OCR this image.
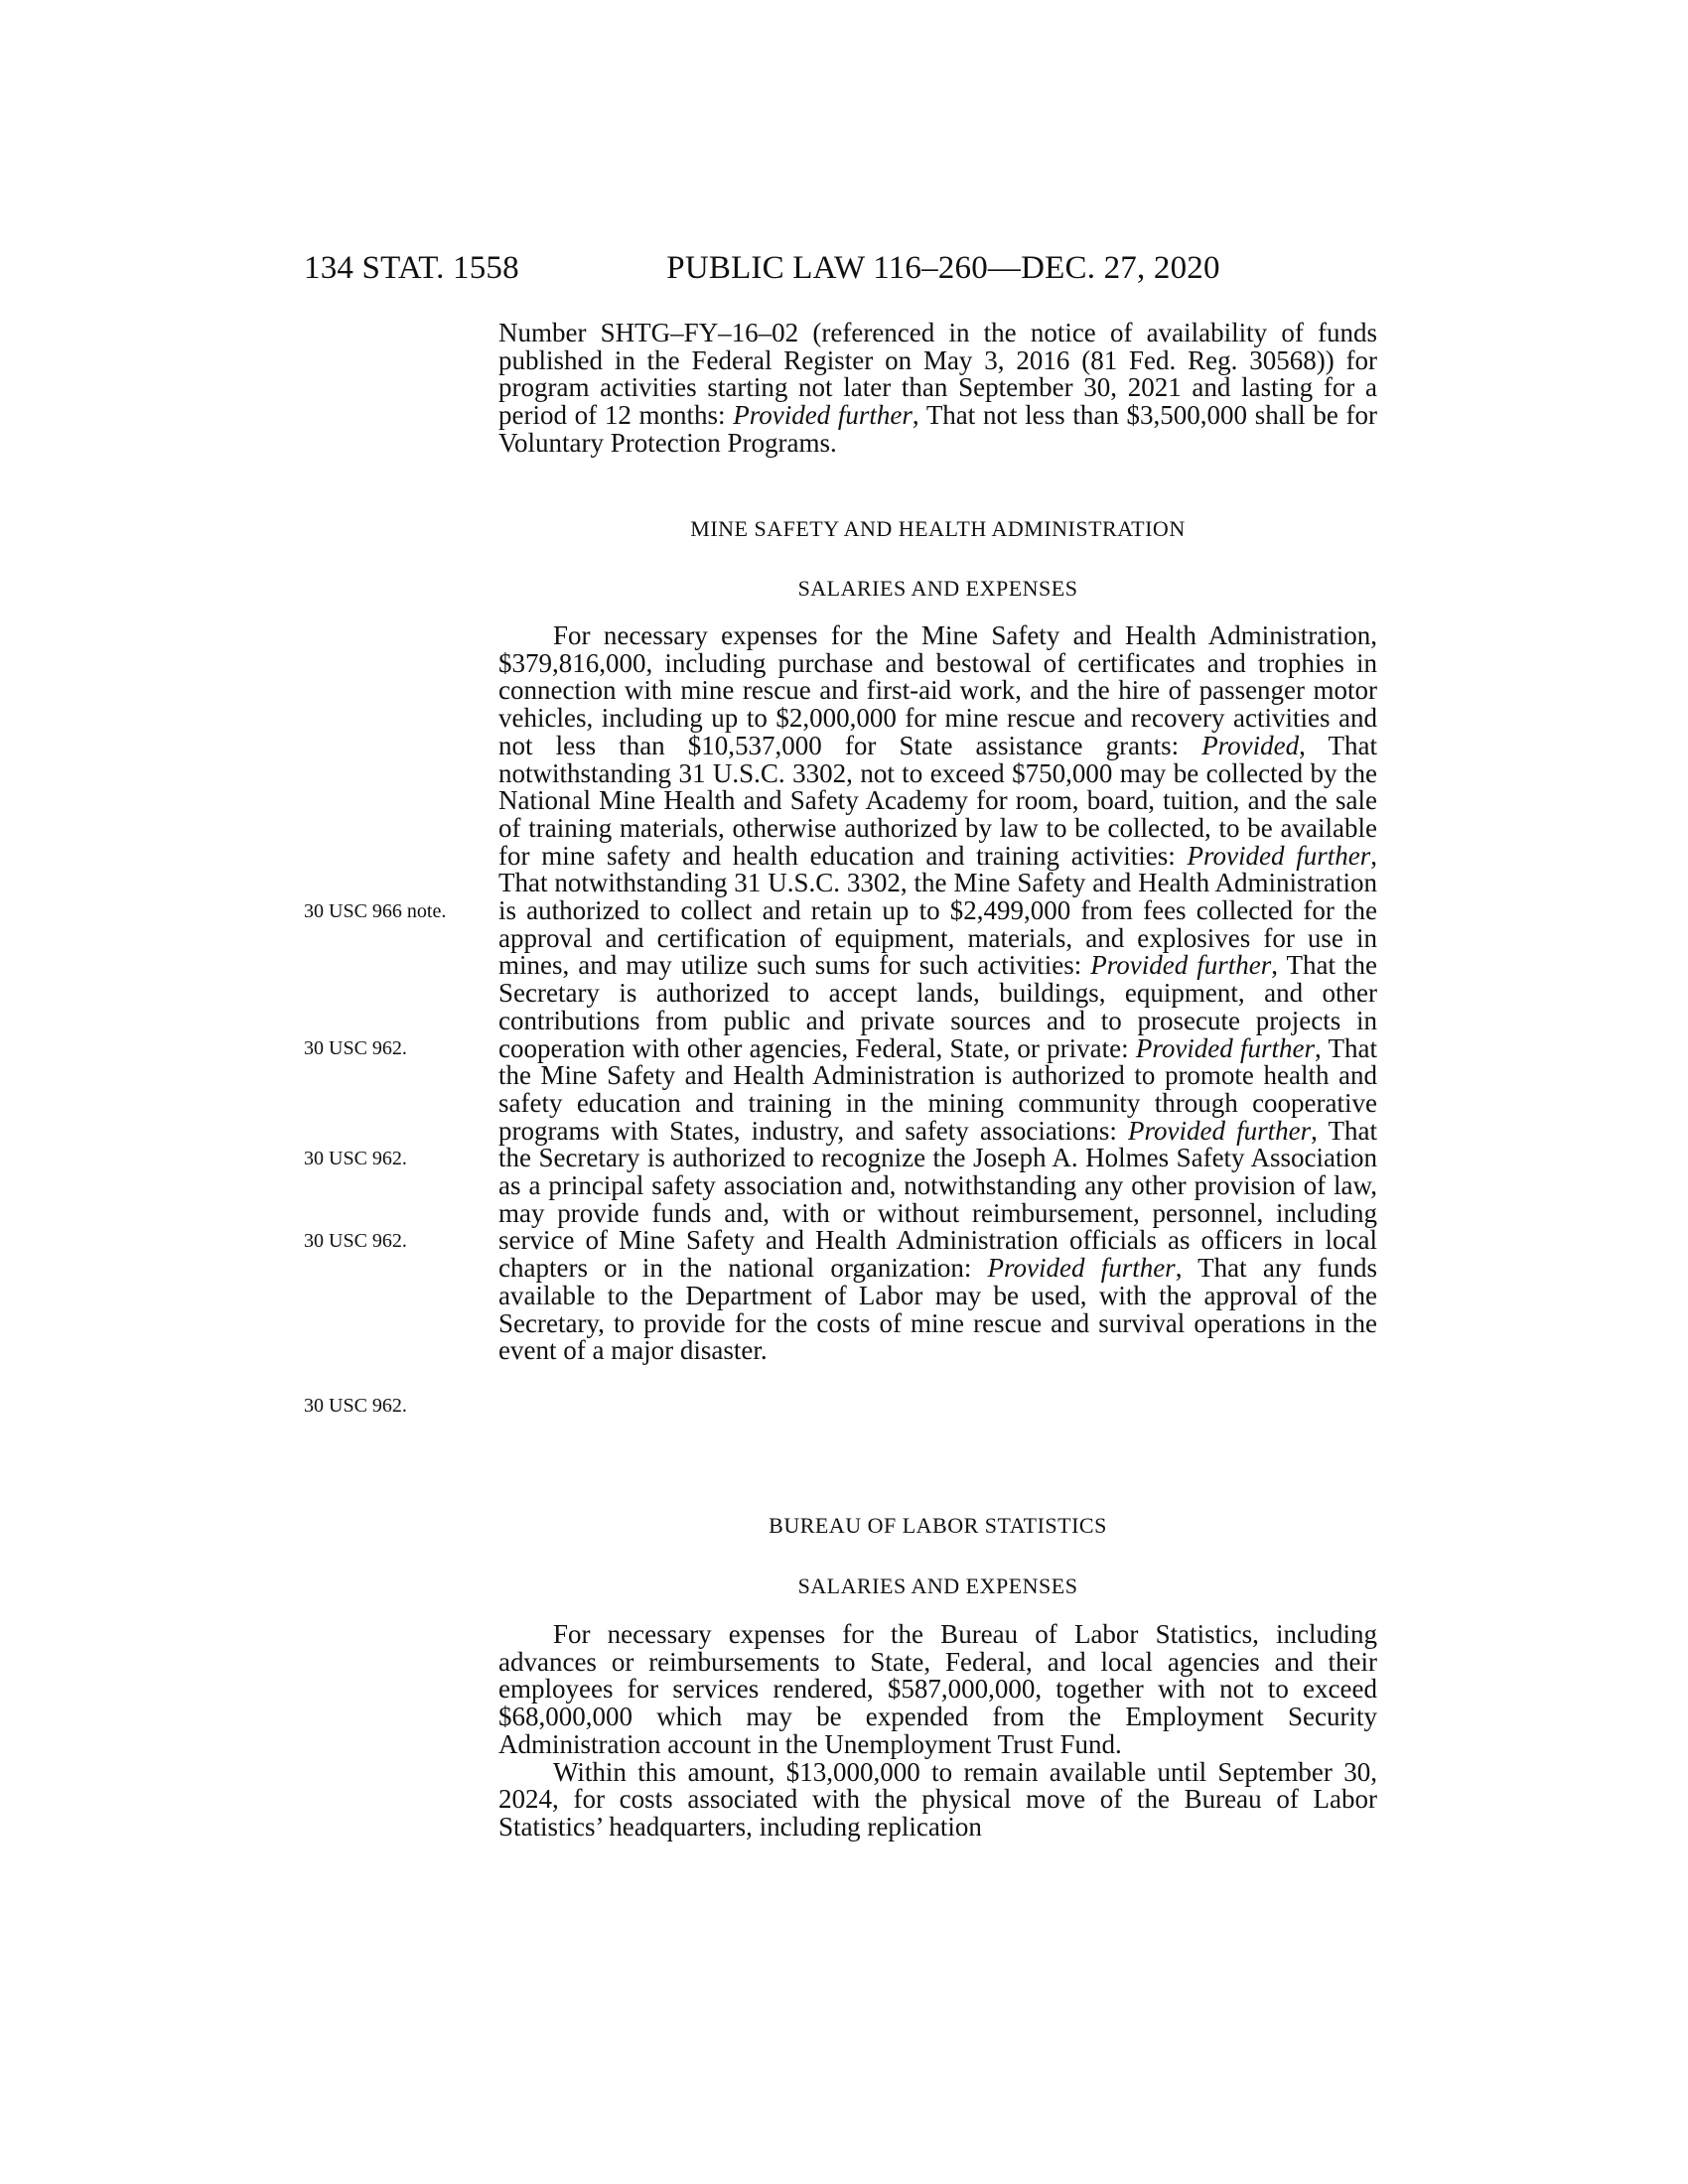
134 STAT. 1558	PUBLIC LAW 116–260—DEC. 27, 2020

Number SHTG–FY–16–02 (referenced in the notice of availability of funds published in the Federal Register on May 3, 2016 (81 Fed. Reg. 30568)) for program activities starting not later than September 30, 2021 and lasting for a period of 12 months: Provided further, That not less than $3,500,000 shall be for Voluntary Protection Programs.

MINE SAFETY AND HEALTH ADMINISTRATION
SALARIES AND EXPENSES

For necessary expenses for the Mine Safety and Health Administration, $379,816,000, including purchase and bestowal of certificates and trophies in connection with mine rescue and first-aid work, and the hire of passenger motor vehicles, including up to $2,000,000 for mine rescue and recovery activities and not less than $10,537,000 for State assistance grants: Provided, That notwithstanding 31 U.S.C. 3302, not to exceed $750,000 may be collected by the National Mine Health and Safety Academy for room, board, tuition, and the sale of training materials, otherwise authorized by law to be collected, to be available for mine safety and health education and training activities: Provided further, That notwithstanding 31 U.S.C. 3302, the Mine Safety and Health Administration is authorized to collect and retain up to $2,499,000 from fees collected for the approval and certification of equipment, materials, and explosives for use in mines, and may utilize such sums for such activities: Provided further, That the Secretary is authorized to accept lands, buildings, equipment, and other contributions from public and private sources and to prosecute projects in cooperation with other agencies, Federal, State, or private: Provided further, That the Mine Safety and Health Administration is authorized to promote health and safety education and training in the mining community through cooperative programs with States, industry, and safety associations: Provided further, That the Secretary is authorized to recognize the Joseph A. Holmes Safety Association as a principal safety association and, notwithstanding any other provision of law, may provide funds and, with or without reimbursement, personnel, including service of Mine Safety and Health Administration officials as officers in local chapters or in the national organization: Provided further, That any funds available to the Department of Labor may be used, with the approval of the Secretary, to provide for the costs of mine rescue and survival operations in the event of a major disaster.

30 USC 966 note.
30 USC 962.
30 USC 962.
30 USC 962.
30 USC 962.
BUREAU OF LABOR STATISTICS
SALARIES AND EXPENSES

For necessary expenses for the Bureau of Labor Statistics, including advances or reimbursements to State, Federal, and local agencies and their employees for services rendered, $587,000,000, together with not to exceed $68,000,000 which may be expended from the Employment Security Administration account in the Unemployment Trust Fund.

Within this amount, $13,000,000 to remain available until September 30, 2024, for costs associated with the physical move of the Bureau of Labor Statistics’ headquarters, including replication
